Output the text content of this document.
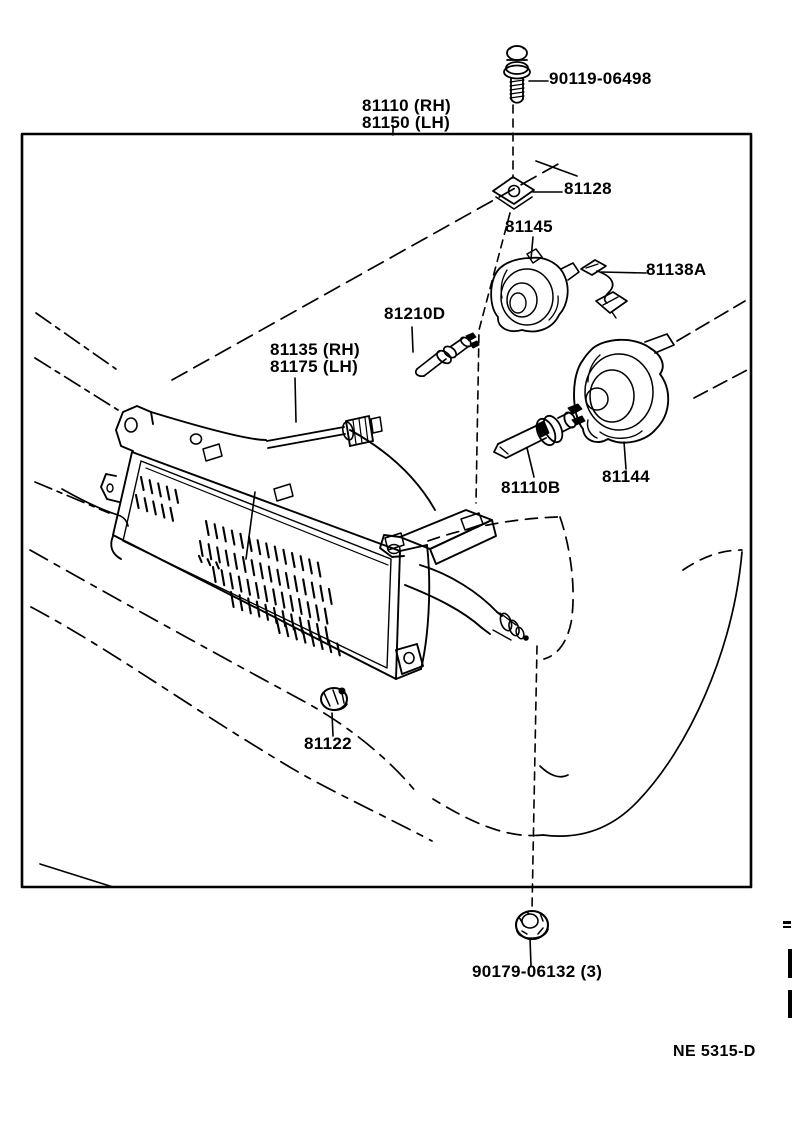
90119-06498
81110 (RH)
81150 (LH)
81128
81145
81138A
81210D
81135 (RH)
81175 (LH)
81110B
81144
81122
90179-06132 (3)
NE 5315-D
